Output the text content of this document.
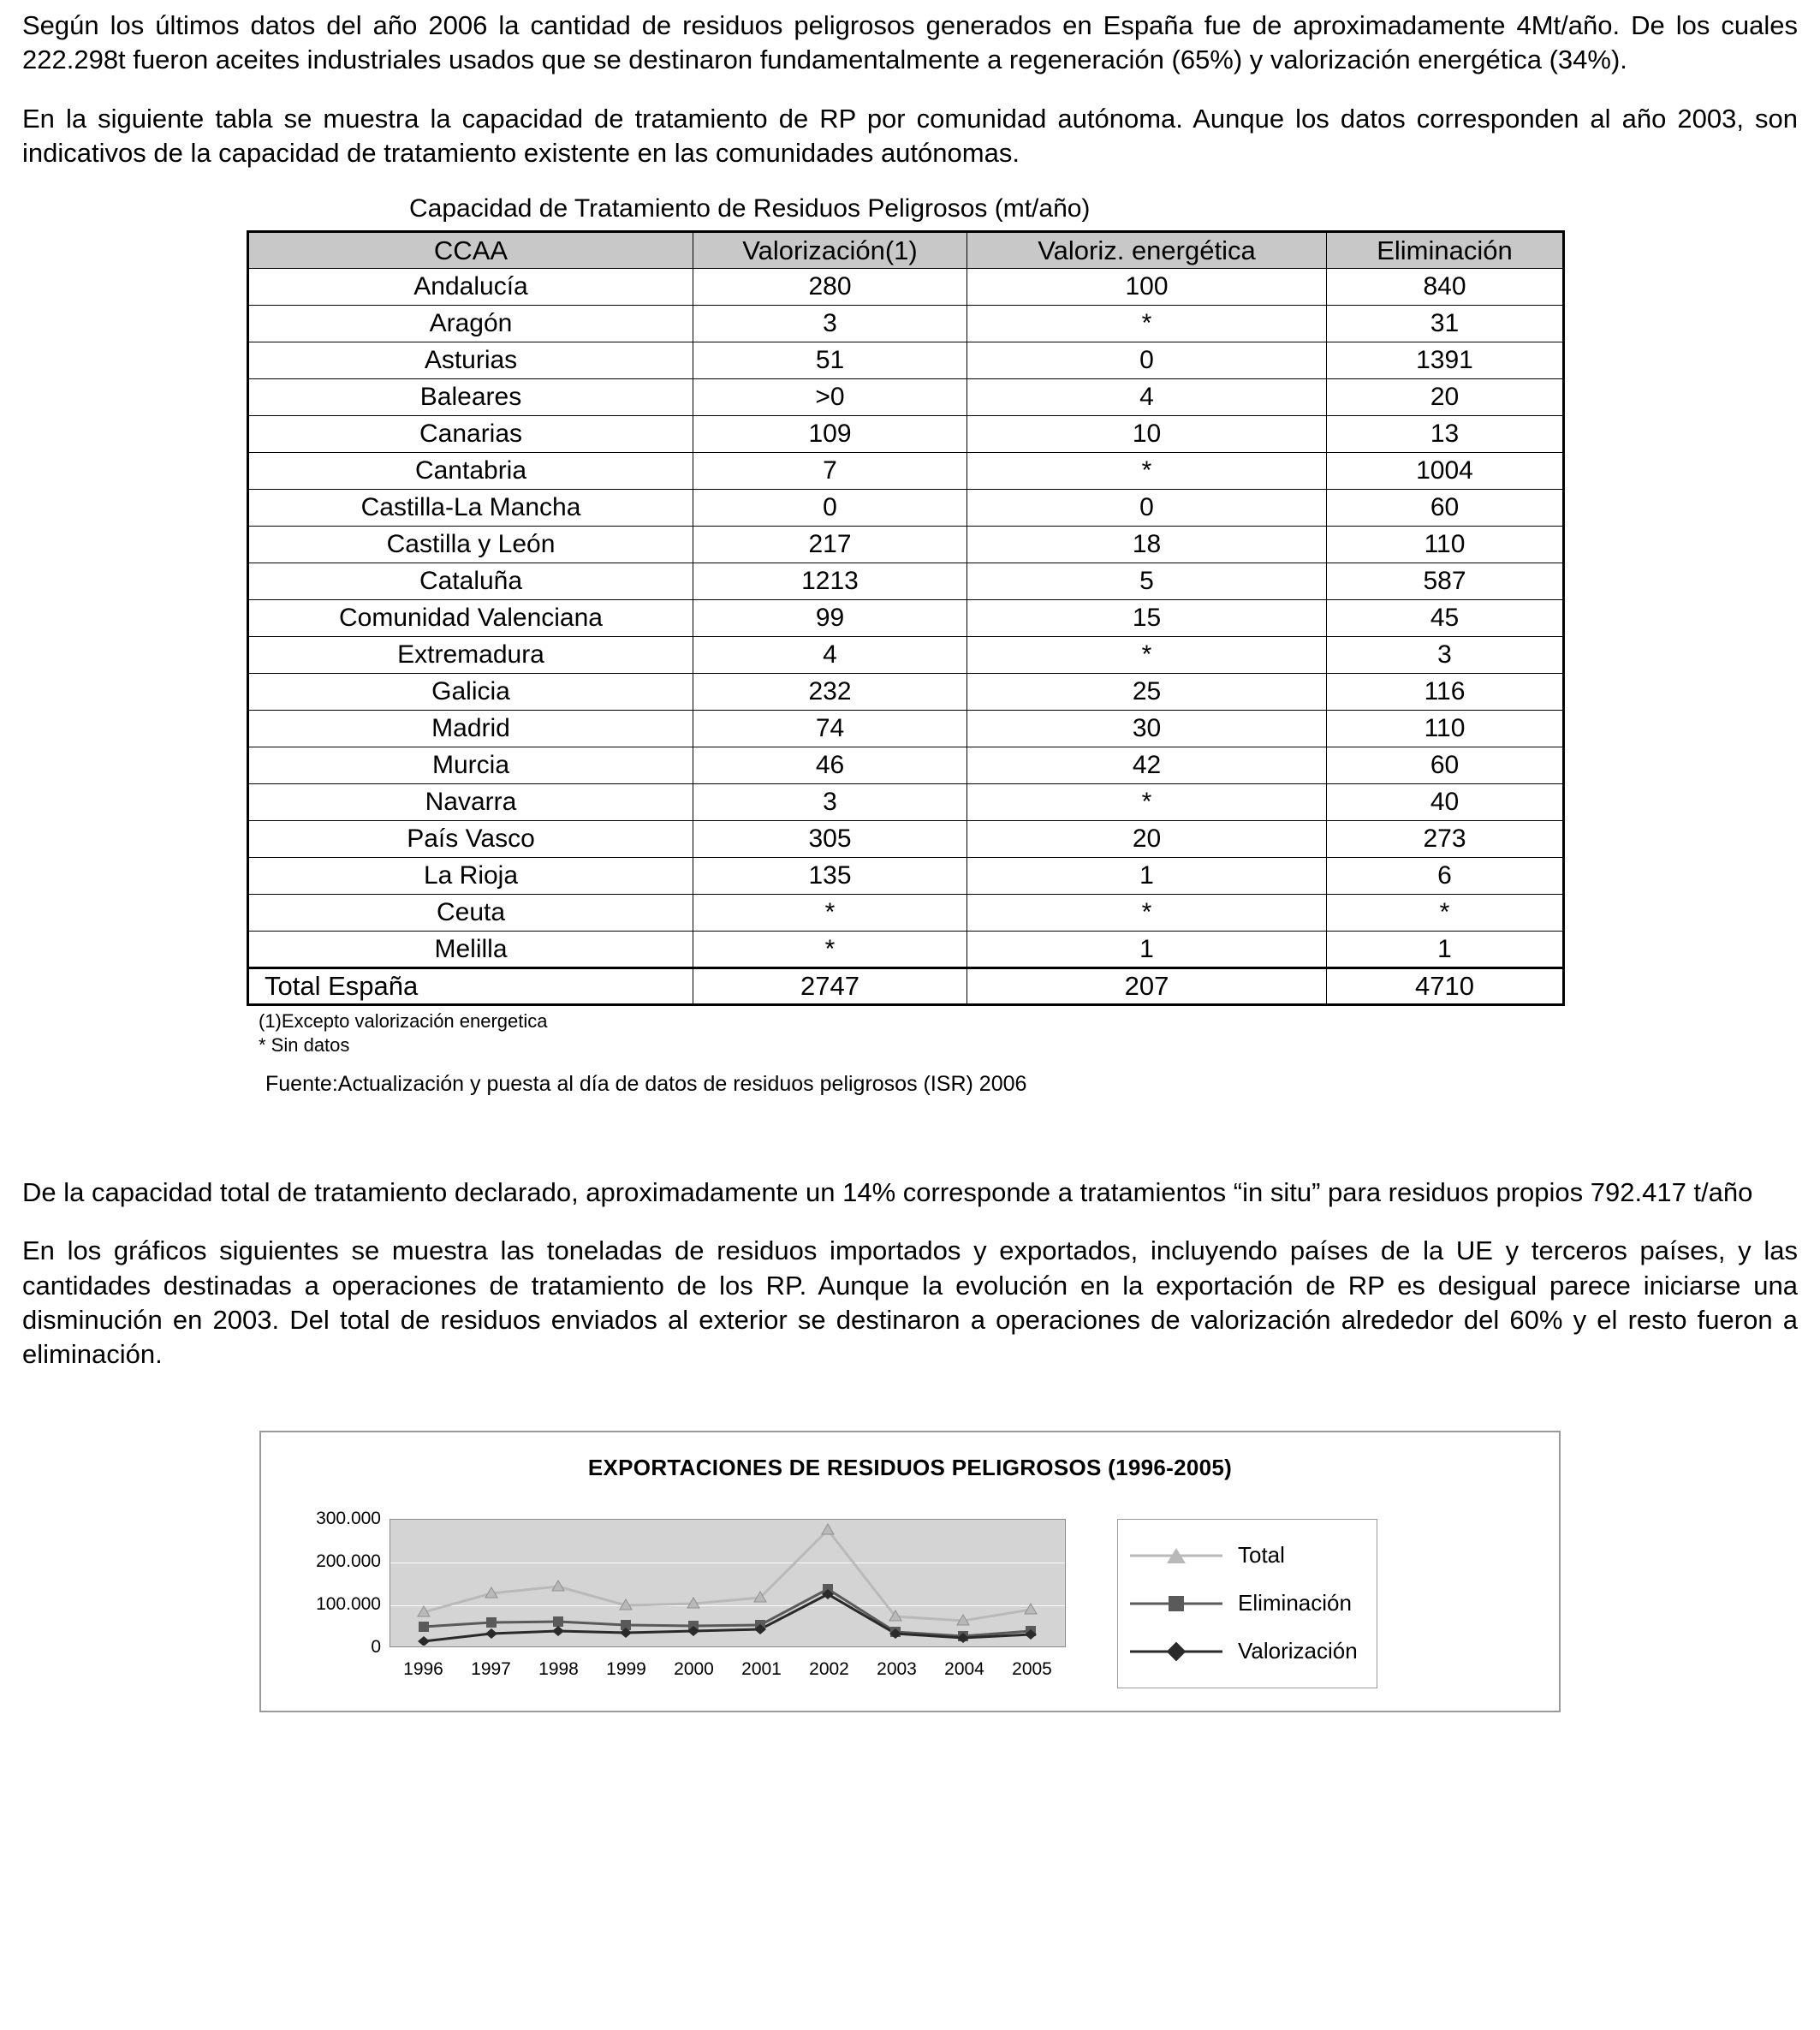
Según los últimos datos del año 2006 la cantidad de residuos peligrosos generados en España fue de aproximadamente 4Mt/año. De los cuales 222.298t fueron aceites industriales usados que se destinaron fundamentalmente a regeneración (65%) y valorización energética (34%).

En la siguiente tabla se muestra la capacidad de tratamiento de RP por comunidad autónoma. Aunque los datos corresponden al año 2003, son indicativos de la capacidad de tratamiento existente en las comunidades autónomas.

Capacidad de Tratamiento de Residuos Peligrosos (mt/año)
CCAA	Valorización(1)	Valoriz. energética	Eliminación
Andalucía	280	100	840
Aragón	3	*	31
Asturias	51	0	1391
Baleares	>0	4	20
Canarias	109	10	13
Cantabria	7	*	1004
Castilla-La Mancha	0	0	60
Castilla y León	217	18	110
Cataluña	1213	5	587
Comunidad Valenciana	99	15	45
Extremadura	4	*	3
Galicia	232	25	116
Madrid	74	30	110
Murcia	46	42	60
Navarra	3	*	40
País Vasco	305	20	273
La Rioja	135	1	6
Ceuta	*	*	*
Melilla	*	1	1
Total España	2747	207	4710
(1)Excepto valorización energetica
* Sin datos
Fuente:Actualización y puesta al día de datos de residuos peligrosos (ISR) 2006

De la capacidad total de tratamiento declarado, aproximadamente un 14% corresponde a tratamientos “in situ” para residuos propios 792.417 t/año

En los gráficos siguientes se muestra las toneladas de residuos importados y exportados, incluyendo países de la UE y terceros países, y las cantidades destinadas a operaciones de tratamiento de los RP. Aunque la evolución en la exportación de RP es desigual parece iniciarse una disminución en 2003. Del total de residuos enviados al exterior se destinaron a operaciones de valorización alrededor del 60% y el resto fueron a eliminación.

EXPORTACIONES DE RESIDUOS PELIGROSOS (1996-2005)
300.000
200.000
100.000
0
1996	1997	1998	1999	2000	2001	2002	2003	2004	2005
Total
Eliminación
Valorización
